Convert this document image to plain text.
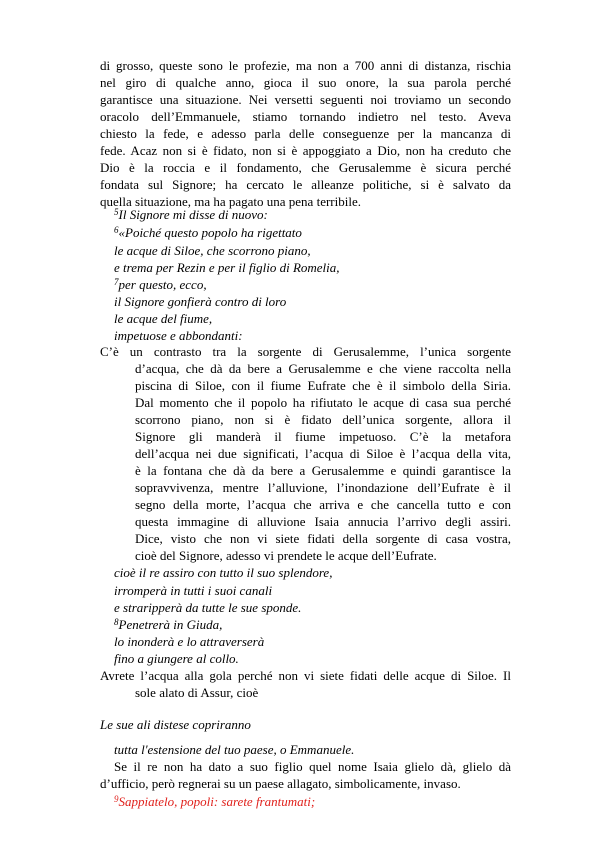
di grosso, queste sono le profezie, ma non a 700 anni di distanza, rischia
nel giro di qualche anno, gioca il suo onore, la sua parola perché
garantisce una situazione. Nei versetti seguenti noi troviamo un secondo
oracolo dell’Emmanuele, stiamo tornando indietro nel testo. Aveva
chiesto la fede, e adesso parla delle conseguenze per la mancanza di
fede. Acaz non si è fidato, non si è appoggiato a Dio, non ha creduto che
Dio è la roccia e il fondamento, che Gerusalemme è sicura perché
fondata sul Signore; ha cercato le alleanze politiche, si è salvato da
quella situazione, ma ha pagato una pena terribile.
$^5$Il Signore mi disse di nuovo:
$^6$«Poiché questo popolo ha rigettato
le acque di Siloe, che scorrono piano,
e trema per Rezin e per il figlio di Romelia,
$^7$per questo, ecco,
il Signore gonfierà contro di loro
le acque del fiume,
impetuose e abbondanti:
C’è un contrasto tra la sorgente di Gerusalemme, l’unica sorgente
d’acqua, che dà da bere a Gerusalemme e che viene raccolta nella
piscina di Siloe, con il fiume Eufrate che è il simbolo della Siria.
Dal momento che il popolo ha rifiutato le acque di casa sua perché
scorrono piano, non si è fidato dell’unica sorgente, allora il
Signore gli manderà il fiume impetuoso. C’è la metafora
dell’acqua nei due significati, l’acqua di Siloe è l’acqua della vita,
è la fontana che dà da bere a Gerusalemme e quindi garantisce la
sopravvivenza, mentre l’alluvione, l’inondazione dell’Eufrate è il
segno della morte, l’acqua che arriva e che cancella tutto e con
questa immagine di alluvione Isaia annucia l’arrivo degli assiri.
Dice, visto che non vi siete fidati della sorgente di casa vostra,
cioè del Signore, adesso vi prendete le acque dell’Eufrate.
cioè il re assiro con tutto il suo splendore,
irromperà in tutti i suoi canali
e straripperà da tutte le sue sponde.
$^8$Penetrerà in Giuda,
lo inonderà e lo attraverserà
fino a giungere al collo.
Avrete l’acqua alla gola perché non vi siete fidati delle acque di Siloe. Il
sole alato di Assur, cioè
Le sue ali distese copriranno
tutta l'estensione del tuo paese, o Emmanuele.
Se il re non ha dato a suo figlio quel nome Isaia glielo dà, glielo dà
d’ufficio, però regnerai su un paese allagato, simbolicamente, invaso.
$^9$Sappiatelo, popoli: sarete frantumati;
